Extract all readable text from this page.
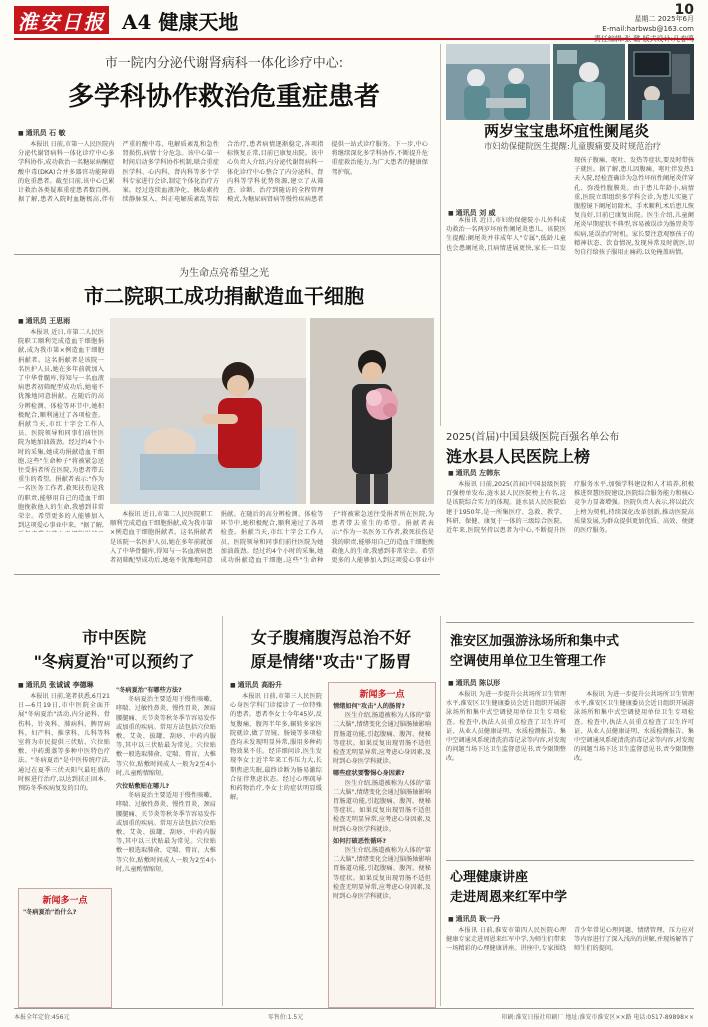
淮安日报 A4 健康天地	10
星期二 2025年6月
E-mail:harbwsb@163.com
市一院内分泌代谢肾病科一体化诊疗中心:
多学科协作救治危重症患者
■ 通讯员 石 敏

本报讯 日前,市第一人民医院内分泌代谢肾病科一体化诊疗中心多学科协作,成功救治一名糖尿病酮症酸中毒(DKA)合并多器官功能障碍的危重患者。截至目前,该中心已累计救治各类疑难重症患者数百例。据了解,患者入院时血糖极高,伴有严重的酸中毒、电解质紊乱和急性肾损伤,病情十分危急。该中心第一时间启动多学科协作机制,联合重症医学科、心内科、肾内科等多个学科专家进行会诊,制定个体化治疗方案。经过连续血液净化、胰岛素持续静脉泵入、纠正电解质紊乱等综合治疗,患者病情逐渐稳定,各项指标恢复正常,目前已康复出院。该中心负责人介绍,内分泌代谢肾病科一体化诊疗中心整合了内分泌科、肾内科等学科优势资源,建立了从筛查、诊断、治疗到随访的全程管理模式,为糖尿病肾病等慢性疾病患者提供一站式诊疗服务。下一步,中心将继续深化多学科协作,不断提升危重症救治能力,为广大患者的健康保驾护航。

两岁宝宝患坏疽性阑尾炎
市妇幼保健院医生提醒:儿童腹痛要及时规范治疗
■ 通讯员 刘 威

本报讯 近日,市妇幼保健院小儿外科成功救治一名两岁坏疽性阑尾炎患儿。该院医生提醒:阑尾炎并非成年人"专属",低龄儿童也会患阑尾炎,且病情进展更快,家长一旦发现孩子腹痛、呕吐、发热等症状,要及时带孩子就医。据了解,患儿因腹痛、呕吐伴发热1天入院,经检查确诊为急性坏疽性阑尾炎伴穿孔、弥漫性腹膜炎。由于患儿年龄小,病情重,医院立即组织多学科会诊,为患儿实施了腹腔镜下阑尾切除术。手术顺利,术后患儿恢复良好,目前已康复出院。医生介绍,儿童阑尾炎早期症状不典型,容易被误诊为肠胃炎等疾病,延误治疗时机。家长要注意观察孩子的精神状态、饮食情况,发现异常及时就医,切勿自行给孩子服用止痛药,以免掩盖病情。

为生命点亮希望之光
市二院职工成功捐献造血干细胞
■ 通讯员 王思雨

本报讯 近日,市第二人民医院职工顺利完成造血干细胞捐献,成为我市第×例造血干细胞捐献者。这名捐献者是该院一名医护人员,她在多年前就加入了中华骨髓库,得知与一名血液病患者初筛配型成功后,她毫不犹豫地同意捐献。在随后的高分辨检测、体检等环节中,她积极配合,顺利通过了各项检查。捐献当天,市红十字会工作人员、医院领导和同事们前往医院为她加油鼓劲。经过约4个小时的采集,她成功捐献造血干细胞,这些"生命种子"将被紧急送往受捐者所在医院,为患者带去重生的希望。捐献者表示:"作为一名医务工作者,救死扶伤是我的职责,能够用自己的造血干细胞挽救他人的生命,我感到非常荣幸。希望更多的人能够加入到这项爱心事业中来。"据了解,

本报讯 近日,市第二人民医院职工顺利完成造血干细胞捐献,成为我市第×例造血干细胞捐献者。这名捐献者是该院一名医护人员,她在多年前就加入了中华骨髓库,得知与一名血液病患者初筛配型成功后,她毫不犹豫地同意捐献。在随后的高分辨检测、体检等环节中,她积极配合,顺利通过了各项检查。捐献当天,市红十字会工作人员、医院领导和同事们前往医院为她加油鼓劲。经过约4个小时的采集,她成功捐献造血干细胞,这些"生命种子"将被紧急送往受捐者所在医院,为患者带去重生的希望。捐献者表示:"作为一名医务工作者,救死扶伤是我的职责,能够用自己的造血干细胞挽救他人的生命,我感到非常荣幸。希望更多的人能够加入到这项爱心事业中

2025(首届)中国县级医院百强名单公布
涟水县人民医院上榜
■ 通讯员 左韩东

本报讯 日前,2025(首届)中国县级医院百强榜单发布,涟水县人民医院榜上有名,这是该院综合实力的体现。涟水县人民医院始建于1950年,是一所集医疗、急救、教学、科研、保健、康复于一体的三级综合医院。近年来,医院坚持以患者为中心,不断提升医疗服务水平,加强学科建设和人才培养,积极推进智慧医院建设,医院综合服务能力和核心竞争力显著增强。医院负责人表示,将以此次上榜为契机,持续深化改革创新,推动医院高质量发展,为群众提供更加优质、高效、便捷的医疗服务。

市中医院
"冬病夏治"可以预约了
■ 通讯员 张诚诚 李德琳

本报讯 日前,笔者获悉,6月21日—6月19日,市中医院全面开展"冬病夏治"活动,内分泌科、骨伤科、针灸科、肺病科、脾胃病科、妇产科、推拿科、儿科等科室将为市民提供三伏贴、穴位贴敷、中药熏蒸等多种中医特色疗法。"冬病夏治"是中医传统疗法,通过在夏季三伏天阳气最旺盛的时候进行治疗,以达到扶正固本、预防冬季疾病复发的目的。

新闻多一点
"冬病夏治"治什么?
"冬病夏治"有哪些方法?

冬病夏治主要适用于慢性咳嗽、哮喘、过敏性鼻炎、慢性胃炎、颈肩腰腿痛、关节炎等秋冬季节容易发作或加重的疾病。常用方法包括穴位贴敷、艾灸、拔罐、刮痧、中药内服等,其中以三伏贴最为常见。穴位贴敷一般选取肺俞、定喘、膏肓、大椎等穴位,贴敷时间成人一般为2至4小时,儿童酌情缩短。

穴位贴敷贴在哪儿?

冬病夏治主要适用于慢性咳嗽、哮喘、过敏性鼻炎、慢性胃炎、颈肩腰腿痛、关节炎等秋冬季节容易发作或加重的疾病。常用方法包括穴位贴敷、艾灸、拔罐、刮痧、中药内服等,其中以三伏贴最为常见。穴位贴敷一般选取肺俞、定喘、膏肓、大椎等穴位,贴敷时间成人一般为2至4小时,儿童酌情缩短。

女子腹痛腹泻总治不好
原是情绪"攻击"了肠胃
■ 通讯员 高盼升

本报讯 日前,市第三人民医院心身医学科门诊接诊了一位特殊的患者。患者李女士今年45岁,反复腹痛、腹泻半年多,辗转多家医院就诊,做了胃镜、肠镜等多项检查均未发现明显异常,服用多种药物效果不佳。经详细问诊,医生发现李女士近半年来工作压力大,长期焦虑失眠,最终诊断为肠易激综合征伴焦虑状态。经过心理疏导和药物治疗,李女士的症状明显缓解。

新闻多一点
情绪如何"攻击"人的肠胃?

医生介绍,肠道被称为人体的"第二大脑",情绪变化会通过脑肠轴影响胃肠道功能,引起腹痛、腹泻、便秘等症状。如果反复出现胃肠不适但检查无明显异常,应考虑心身因素,及时到心身医学科就诊。

哪些症状要警惕心身因素?

医生介绍,肠道被称为人体的"第二大脑",情绪变化会通过脑肠轴影响胃肠道功能,引起腹痛、腹泻、便秘等症状。如果反复出现胃肠不适但检查无明显异常,应考虑心身因素,及时到心身医学科就诊。

如何打破恶性循环?

医生介绍,肠道被称为人体的"第二大脑",情绪变化会通过脑肠轴影响胃肠道功能,引起腹痛、腹泻、便秘等症状。如果反复出现胃肠不适但检查无明显异常,应考虑心身因素,及时到心身医学科就诊。

淮安区加强游泳场所和集中式
空调使用单位卫生管理工作
■ 通讯员 陈以形

本报讯 为进一步提升公共场所卫生管理水平,淮安区卫生健康委员会近日组织开展游泳场所和集中式空调使用单位卫生专项检查。检查中,执法人员重点检查了卫生许可证、从业人员健康证明、水质检测报告、集中空调通风系统清洗消毒记录等内容,对发现的问题当场下达卫生监督意见书,责令限期整改。

本报讯 为进一步提升公共场所卫生管理水平,淮安区卫生健康委员会近日组织开展游泳场所和集中式空调使用单位卫生专项检查。检查中,执法人员重点检查了卫生许可证、从业人员健康证明、水质检测报告、集中空调通风系统清洗消毒记录等内容,对发现的问题当场下达卫生监督意见书,责令限期整改。

心理健康讲座
走进周恩来红军中学
■ 通讯员 耿一丹

本报讯 日前,淮安市第四人民医院心理健康专家走进周恩来红军中学,为师生们带来一场精彩的心理健康讲座。讲座中,专家围绕青少年常见心理问题、情绪管理、压力应对等内容进行了深入浅出的讲解,并现场解答了师生们的提问。

本报全年定价:456元	零售价:1.5元	印刷:淮安日报社印刷厂 地址:淮安市淮安区××路 电话:0517-89898××
